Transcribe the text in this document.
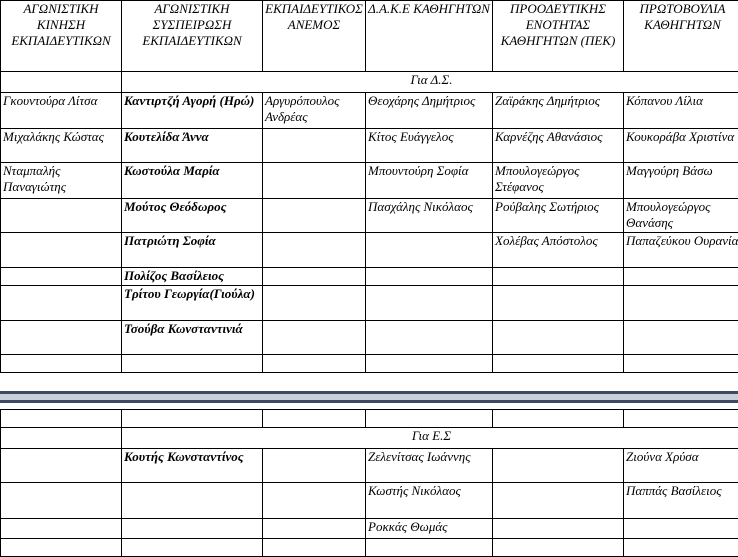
ΑΓΩΝΙΣΤΙΚΗ ΚΙΝΗΣΗ ΕΚΠΑΙΔΕΥΤΙΚΩΝ	ΑΓΩΝΙΣΤΙΚΗ ΣΥΣΠΕΙΡΩΣΗ ΕΚΠΑΙΔΕΥΤΙΚΩΝ	ΕΚΠΑΙΔΕΥΤΙΚΟΣ ΑΝΕΜΟΣ	Δ.Α.Κ.Ε ΚΑΘΗΓΗΤΩΝ	ΠΡΟΟΔΕΥΤΙΚΗΣ ΕΝΟΤΗΤΑΣ ΚΑΘΗΓΗΤΩΝ (ΠΕΚ)	ΠΡΩΤΟΒΟΥΛΙΑ ΚΑΘΗΓΗΤΩΝ
	Για Δ.Σ.				

Γκουντούρα Λίτσα	Καντιρτζή Αγορή (Ηρώ)	Αργυρόπουλος Ανδρέας	Θεοχάρης Δημήτριος	Ζαϊράκης Δημήτριος	Κόπανου Λίλια

Μιχαλάκης Κώστας	Κουτελίδα Άννα		Κίτος Ευάγγελος	Καρνέζης Αθανάσιος	Κουκοράβα Χριστίνα

Νταμπαλής Παναγιώτης	Κωστούλα Μαρία		Μπουντούρη Σοφία	Μπουλογεώργος Στέφανος	Μαγγούρη Βάσω

	Μούτος Θεόδωρος		Πασχάλης Νικόλαος	Ρούβαλης Σωτήριος	Μπουλογεώργος Θανάσης

	Πατριώτη Σοφία			Χολέβας Απόστολος	Παπαζεύκου Ουρανία

	Πολίζος Βασίλειος				

	Τρίτου Γεωργία(Γιούλα)				

	Τσούβα Κωνσταντινιά				

	Για Ε.Σ				

	Κουτής Κωνσταντίνος		Ζελενίτσας Ιωάννης		Ζιούνα Χρύσα

			Κωστής Νικόλαος		Παππάς Βασίλειος

			Ροκκάς Θωμάς		
